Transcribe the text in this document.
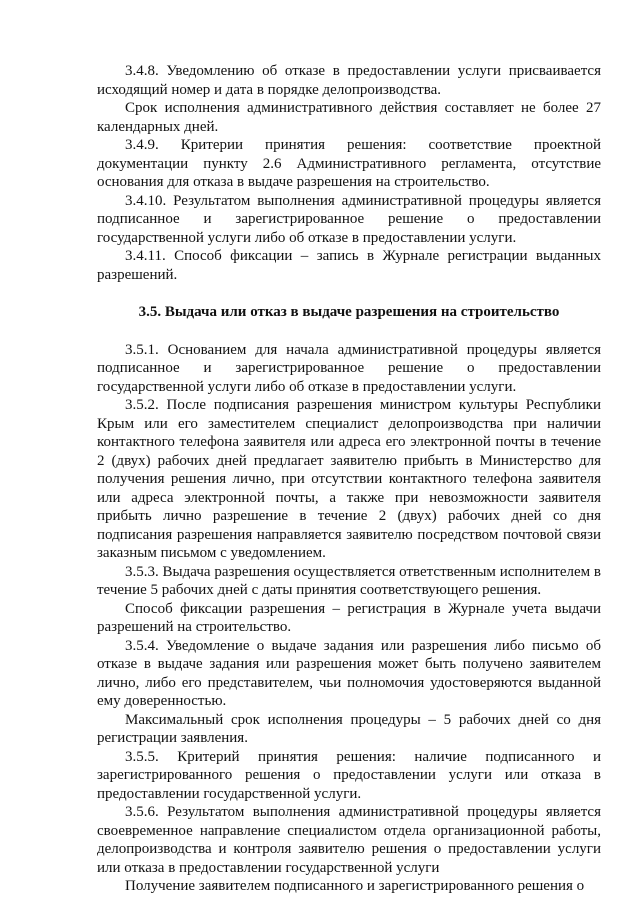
3.4.8. Уведомлению об отказе в предоставлении услуги присваивается исходящий номер и дата в порядке делопроизводства.

Срок исполнения административного действия составляет не более 27 календарных дней.

3.4.9. Критерии принятия решения: соответствие проектной документации пункту 2.6 Административного регламента, отсутствие основания для отказа в выдаче разрешения на строительство.

3.4.10. Результатом выполнения административной процедуры является подписанное и зарегистрированное решение о предоставлении государственной услуги либо об отказе в предоставлении услуги.

3.4.11. Способ фиксации – запись в Журнале регистрации выданных разрешений.

3.5. Выдача или отказ в выдаче разрешения на строительство

3.5.1. Основанием для начала административной процедуры является подписанное и зарегистрированное решение о предоставлении государственной услуги либо об отказе в предоставлении услуги.

3.5.2. После подписания разрешения министром культуры Республики Крым или его заместителем специалист делопроизводства при наличии контактного телефона заявителя или адреса его электронной почты в течение 2 (двух) рабочих дней предлагает заявителю прибыть в Министерство для получения решения лично, при отсутствии контактного телефона заявителя или адреса электронной почты, а также при невозможности заявителя прибыть лично разрешение в течение 2 (двух) рабочих дней со дня подписания разрешения направляется заявителю посредством почтовой связи заказным письмом с уведомлением.

3.5.3. Выдача разрешения осуществляется ответственным исполнителем в течение 5 рабочих дней с даты принятия соответствующего решения.

Способ фиксации разрешения – регистрация в Журнале учета выдачи разрешений на строительство.

3.5.4. Уведомление о выдаче задания или разрешения либо письмо об отказе в выдаче задания или разрешения может быть получено заявителем лично, либо его представителем, чьи полномочия удостоверяются выданной ему доверенностью.

Максимальный срок исполнения процедуры – 5 рабочих дней со дня регистрации заявления.

3.5.5. Критерий принятия решения: наличие подписанного и зарегистрированного решения о предоставлении услуги или отказа в предоставлении государственной услуги.

3.5.6. Результатом выполнения административной процедуры является своевременное направление специалистом отдела организационной работы, делопроизводства и контроля заявителю решения о предоставлении услуги или отказа в предоставлении государственной услуги

Получение заявителем подписанного и зарегистрированного решения о
